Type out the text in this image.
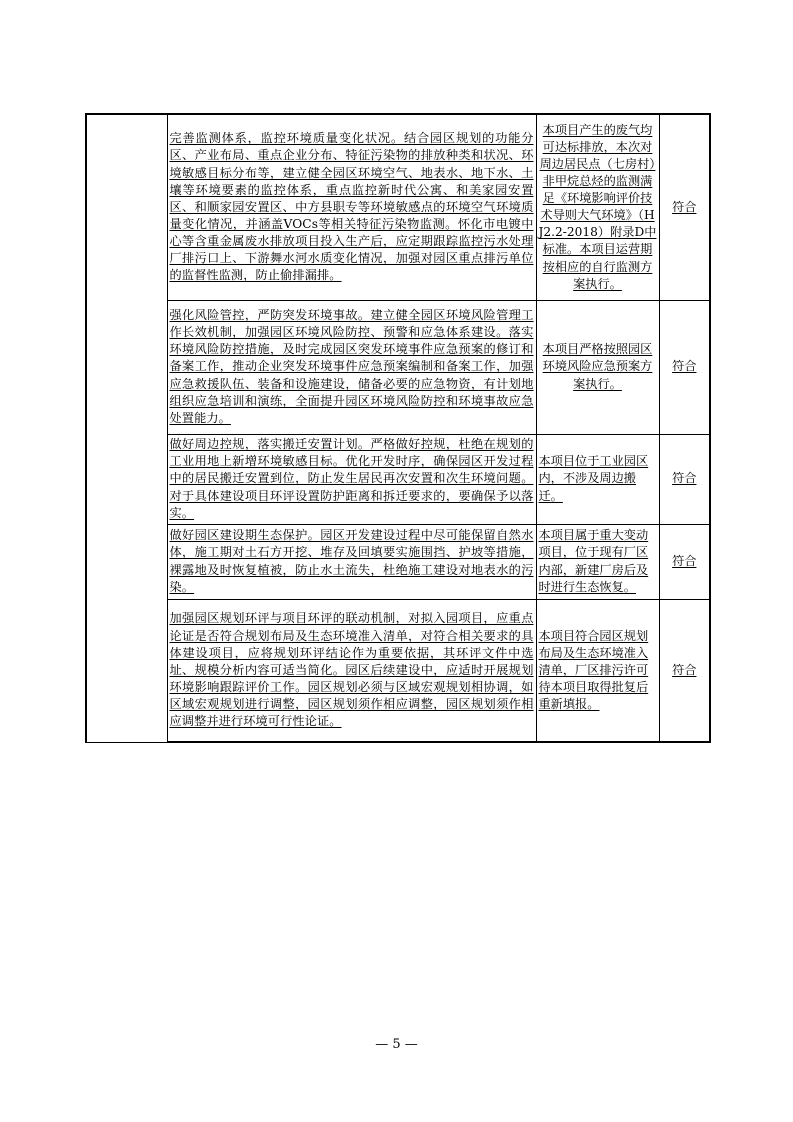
	完善监测体系，监控环境质量变化状况。结合园区规划的功能分区、产业布局、重点企业分布、特征污染物的排放种类和状况、环境敏感目标分布等，建立健全园区环境空气、地表水、地下水、土壤等环境要素的监控体系，重点监控新时代公寓、和美家园安置区、和顺家园安置区、中方县职专等环境敏感点的环境空气环境质量变化情况，并涵盖VOCs等相关特征污染物监测。怀化市电镀中心等含重金属废水排放项目投入生产后，应定期跟踪监控污水处理厂排污口上、下游舞水河水质变化情况，加强对园区重点排污单位的监督性监测，防止偷排漏排。	本项目产生的废气均可达标排放，本次对周边居民点（七房村）非甲烷总烃的监测满足《环境影响评价技术导则大气环境》（HJ2.2-2018）附录D中标准。本项目运营期按相应的自行监测方案执行。	符合
	强化风险管控，严防突发环境事故。建立健全园区环境风险管理工作长效机制，加强园区环境风险防控、预警和应急体系建设。落实环境风险防控措施，及时完成园区突发环境事件应急预案的修订和备案工作，推动企业突发环境事件应急预案编制和备案工作，加强应急救援队伍、装备和设施建设，储备必要的应急物资，有计划地组织应急培训和演练，全面提升园区环境风险防控和环境事故应急处置能力。	本项目严格按照园区环境风险应急预案方案执行。	符合
	做好周边控规，落实搬迁安置计划。严格做好控规，杜绝在规划的工业用地上新增环境敏感目标。优化开发时序，确保园区开发过程中的居民搬迁安置到位，防止发生居民再次安置和次生环境问题。对于具体建设项目环评设置防护距离和拆迁要求的，要确保予以落实。	本项目位于工业园区内，不涉及周边搬迁。	符合
	做好园区建设期生态保护。园区开发建设过程中尽可能保留自然水体，施工期对土石方开挖、堆存及回填要实施围挡、护坡等措施，裸露地及时恢复植被，防止水土流失，杜绝施工建设对地表水的污染。	本项目属于重大变动项目，位于现有厂区内部，新建厂房后及时进行生态恢复。	符合
	加强园区规划环评与项目环评的联动机制，对拟入园项目，应重点论证是否符合规划布局及生态环境准入清单，对符合相关要求的具体建设项目，应将规划环评结论作为重要依据，其环评文件中选址、规模分析内容可适当简化。园区后续建设中，应适时开展规划环境影响跟踪评价工作。园区规划必须与区域宏观规划相协调，如区域宏观规划进行调整，园区规划须作相应调整，园区规划须作相应调整并进行环境可行性论证。	本项目符合园区规划布局及生态环境准入清单，厂区排污许可待本项目取得批复后重新填报。	符合
— 5 —
